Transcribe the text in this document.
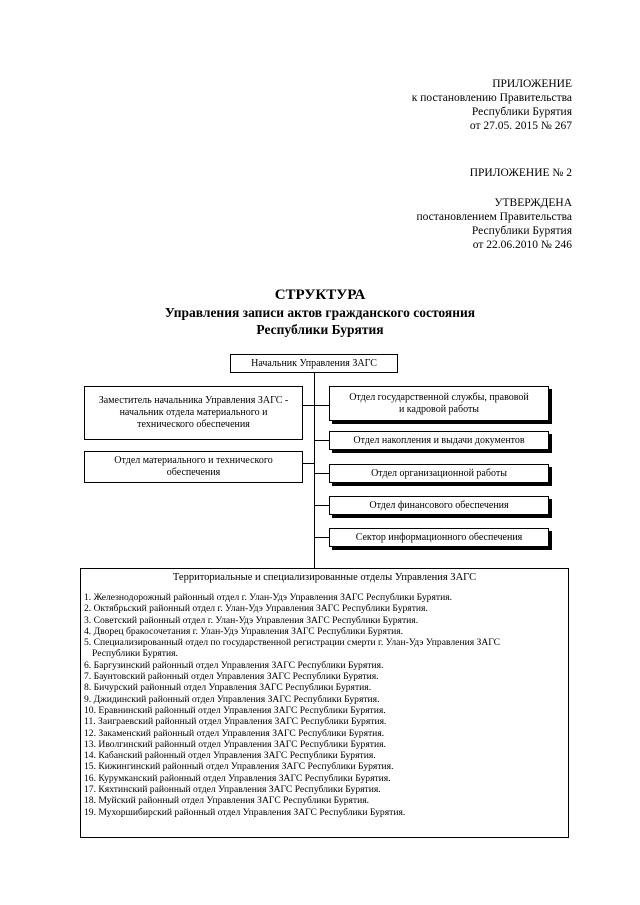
ПРИЛОЖЕНИЕ
к постановлению Правительства
Республики Бурятия
от 27.05. 2015 № 267
ПРИЛОЖЕНИЕ № 2
УТВЕРЖДЕНА
постановлением Правительства
Республики Бурятия
от 22.06.2010 № 246
СТРУКТУРА
Управления записи актов гражданского состояния
Республики Бурятия
Начальник Управления ЗАГС
Заместитель начальника Управления ЗАГС -
начальник отдела материального и
технического обеспечения
Отдел материального и технического
обеспечения
Отдел государственной службы, правовой
и кадровой работы
Отдел накопления и выдачи документов
Отдел организационной работы
Отдел финансового обеспечения
Сектор информационного обеспечения
Территориальные и специализированные отделы Управления ЗАГС
1. Железнодорожный районный отдел г. Улан-Удэ Управления ЗАГС Республики Бурятия.
2. Октябрьский районный отдел г. Улан-Удэ Управления ЗАГС Республики Бурятия.
3. Советский районный отдел г. Улан-Удэ Управления ЗАГС Республики Бурятия.
4. Дворец бракосочетания г. Улан-Удэ Управления ЗАГС Республики Бурятия.
5. Специализированный отдел по государственной регистрации смерти г. Улан-Удэ Управления ЗАГС
Республики Бурятия.
6. Баргузинский районный отдел Управления ЗАГС Республики Бурятия.
7. Баунтовский районный отдел Управления ЗАГС Республики Бурятия.
8. Бичурский районный отдел Управления ЗАГС Республики Бурятия.
9. Джидинский районный отдел Управления ЗАГС Республики Бурятия.
10. Еравнинский районный отдел Управления ЗАГС Республики Бурятия.
11. Заиграевский районный отдел Управления ЗАГС Республики Бурятия.
12. Закаменский районный отдел Управления ЗАГС Республики Бурятия.
13. Иволгинский районный отдел Управления ЗАГС Республики Бурятия.
14. Кабанский районный отдел Управления ЗАГС Республики Бурятия.
15. Кижингинский районный отдел Управления ЗАГС Республики Бурятия.
16. Курумканский районный отдел Управления ЗАГС Республики Бурятия.
17. Кяхтинский районный отдел Управления ЗАГС Республики Бурятия.
18. Муйский районный отдел Управления ЗАГС Республики Бурятия.
19. Мухоршибирский районный отдел Управления ЗАГС Республики Бурятия.
